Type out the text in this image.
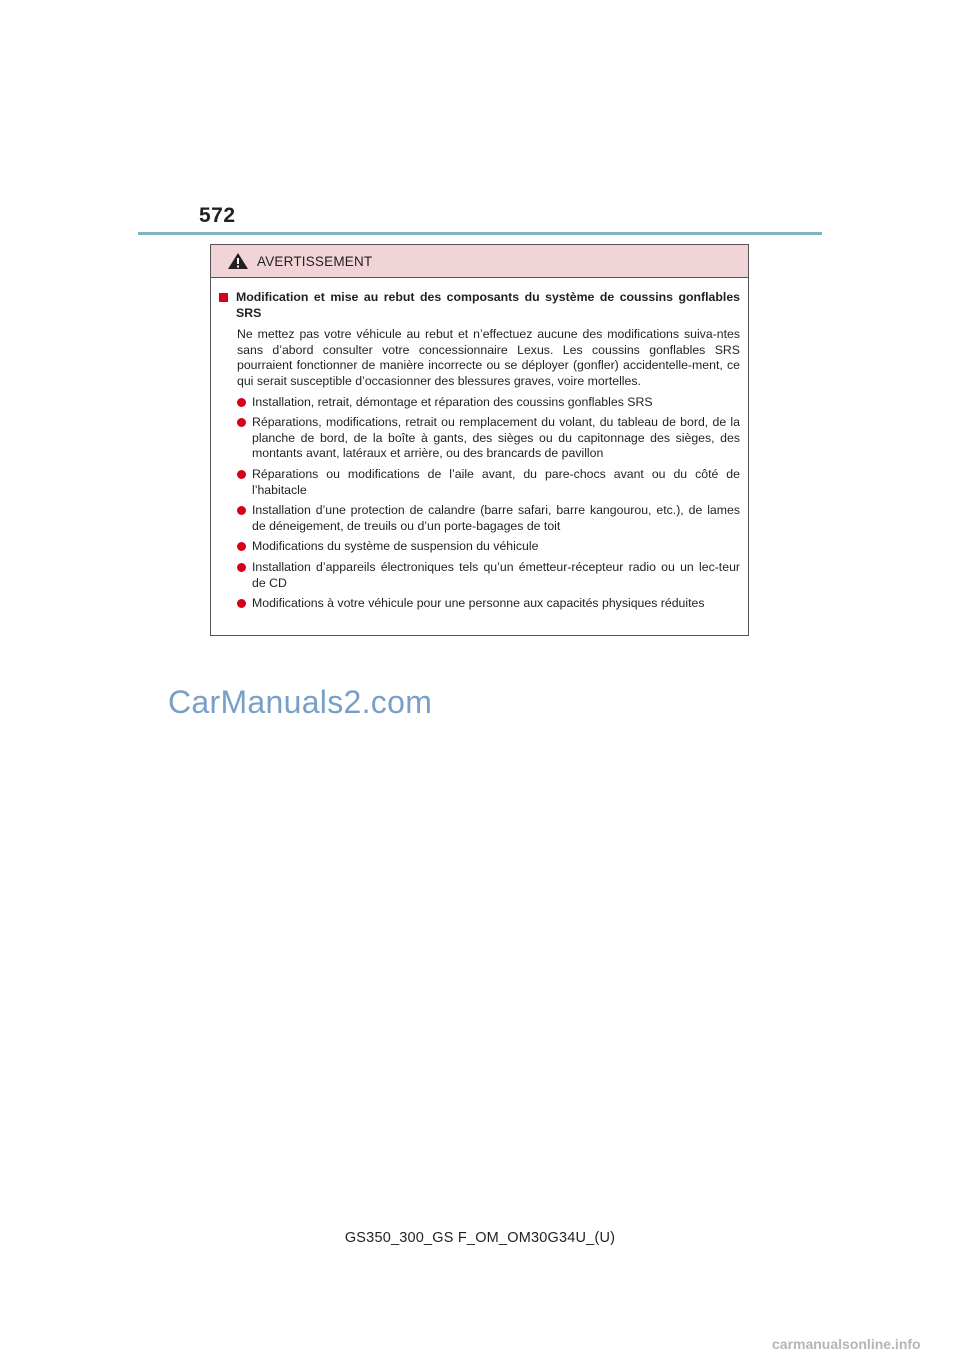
572
AVERTISSEMENT
Modification et mise au rebut des composants du système de coussins gonflables SRS
Ne mettez pas votre véhicule au rebut et n’effectuez aucune des modifications suiva-ntes sans d’abord consulter votre concessionnaire Lexus. Les coussins gonflables SRS pourraient fonctionner de manière incorrecte ou se déployer (gonfler) accidentelle-ment, ce qui serait susceptible d’occasionner des blessures graves, voire mortelles.
Installation, retrait, démontage et réparation des coussins gonflables SRS
Réparations, modifications, retrait ou remplacement du volant, du tableau de bord, de la planche de bord, de la boîte à gants, des sièges ou du capitonnage des sièges, des montants avant, latéraux et arrière, ou des brancards de pavillon
Réparations ou modifications de l’aile avant, du pare-chocs avant ou du côté de l’habitacle
Installation d’une protection de calandre (barre safari, barre kangourou, etc.), de lames de déneigement, de treuils ou d’un porte-bagages de toit
Modifications du système de suspension du véhicule
Installation d’appareils électroniques tels qu’un émetteur-récepteur radio ou un lec-teur de CD
Modifications à votre véhicule pour une personne aux capacités physiques réduites
CarManuals2.com
GS350_300_GS F_OM_OM30G34U_(U)
carmanualsonline.info
